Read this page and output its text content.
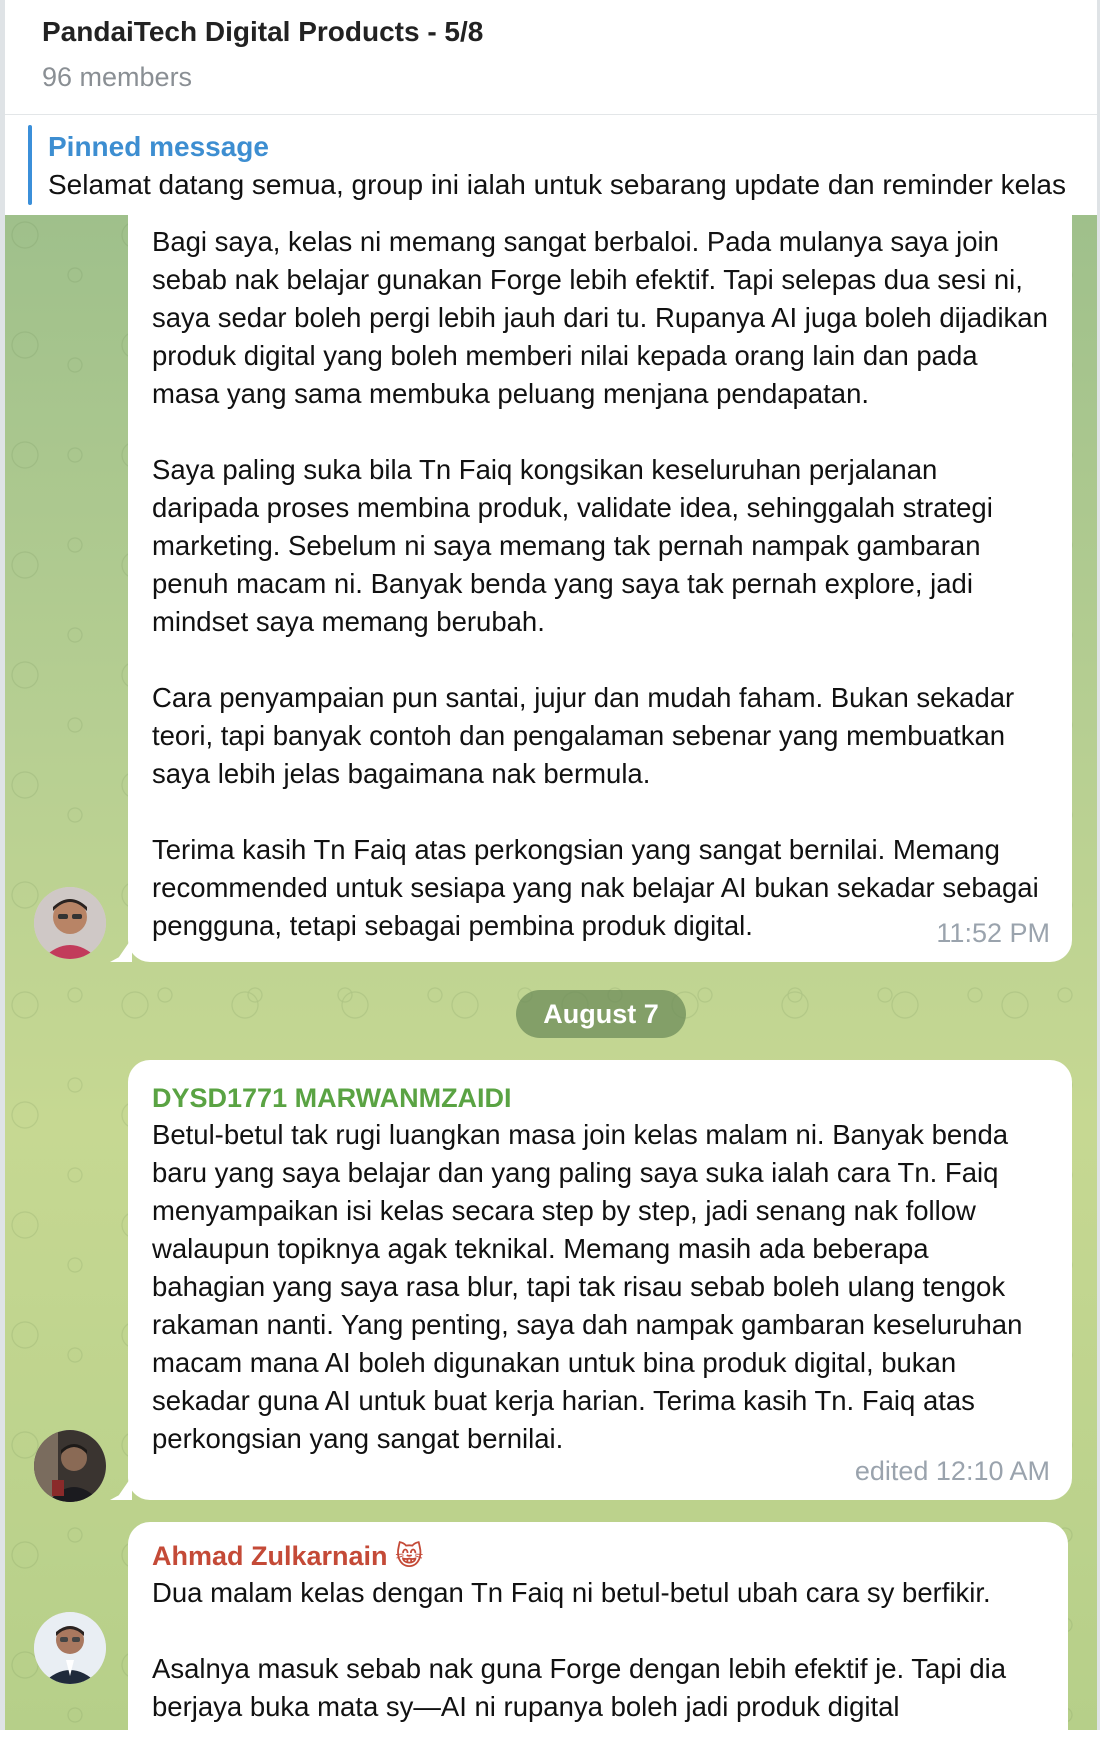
PandaiTech Digital Products - 5/8
96 members
Pinned message
Selamat datang semua, group ini ialah untuk sebarang update dan reminder kelas

Bagi saya, kelas ni memang sangat berbaloi. Pada mulanya saya join sebab nak belajar gunakan Forge lebih efektif. Tapi selepas dua sesi ni, saya sedar boleh pergi lebih jauh dari tu. Rupanya AI juga boleh dijadikan produk digital yang boleh memberi nilai kepada orang lain dan pada masa yang sama membuka peluang menjana pendapatan.

Saya paling suka bila Tn Faiq kongsikan keseluruhan perjalanan daripada proses membina produk, validate idea, sehinggalah strategi marketing. Sebelum ni saya memang tak pernah nampak gambaran penuh macam ni. Banyak benda yang saya tak pernah explore, jadi mindset saya memang berubah.

Cara penyampaian pun santai, jujur dan mudah faham. Bukan sekadar teori, tapi banyak contoh dan pengalaman sebenar yang membuatkan saya lebih jelas bagaimana nak bermula.

Terima kasih Tn Faiq atas perkongsian yang sangat bernilai. Memang recommended untuk sesiapa yang nak belajar AI bukan sekadar sebagai pengguna, tetapi sebagai pembina produk digital.	11:52 PM
August 7
DYSD1771 MARWANMZAIDI

Betul-betul tak rugi luangkan masa join kelas malam ni. Banyak benda baru yang saya belajar dan yang paling saya suka ialah cara Tn. Faiq menyampaikan isi kelas secara step by step, jadi senang nak follow walaupun topiknya agak teknikal. Memang masih ada beberapa bahagian yang saya rasa blur, tapi tak risau sebab boleh ulang tengok rakaman nanti. Yang penting, saya dah nampak gambaran keseluruhan macam mana AI boleh digunakan untuk bina produk digital, bukan sekadar guna AI untuk buat kerja harian. Terima kasih Tn. Faiq atas perkongsian yang sangat bernilai.

edited 12:10 AM
Ahmad Zulkarnain 😸

Dua malam kelas dengan Tn Faiq ni betul-betul ubah cara sy berfikir.

Asalnya masuk sebab nak guna Forge dengan lebih efektif je. Tapi dia berjaya buka mata sy—AI ni rupanya boleh jadi produk digital
